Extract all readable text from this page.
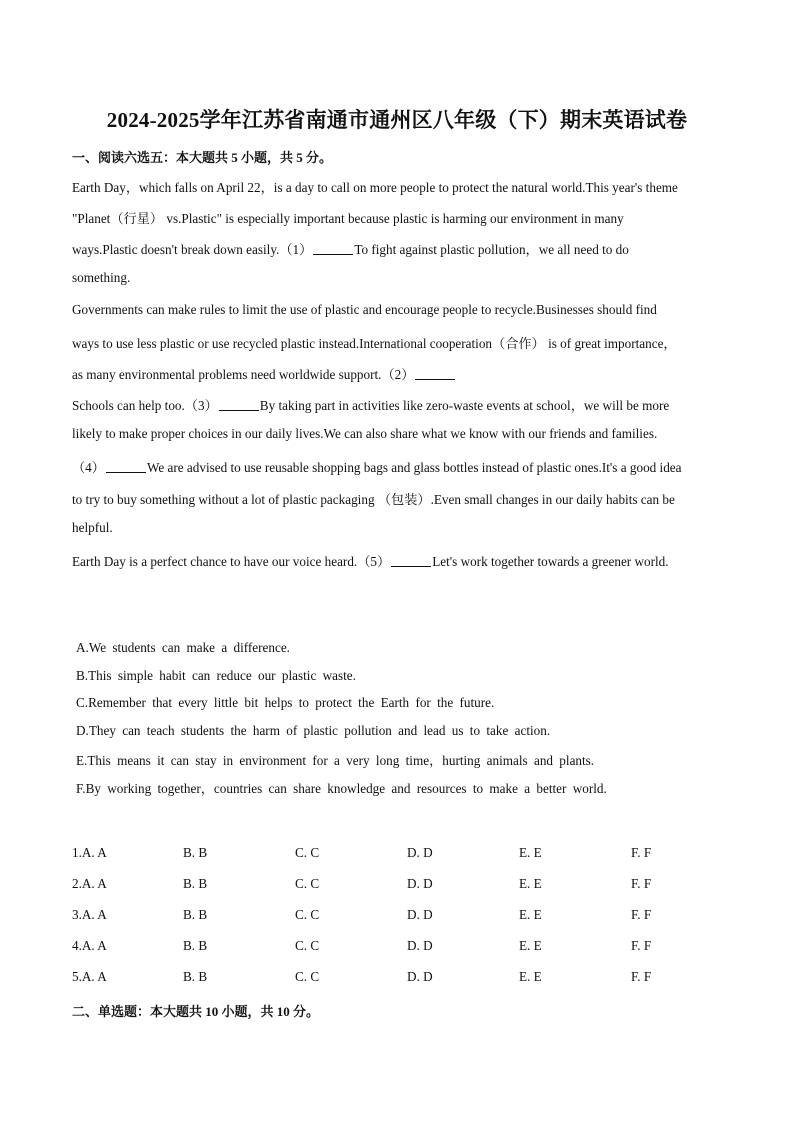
2024-2025学年江苏省南通市通州区八年级（下）期末英语试卷
一、阅读六选五：本大题共 5 小题，共 5 分。
Earth Day，which falls on April 22，is a day to call on more people to protect the natural world.This year's theme
"Planet（行星） vs.Plastic" is especially important because plastic is harming our environment in many
ways.Plastic doesn't break down easily.（1）	To fight against plastic pollution，we all need to do
something.
Governments can make rules to limit the use of plastic and encourage people to recycle.Businesses should find
ways to use less plastic or use recycled plastic instead.International cooperation（合作） is of great importance，
as many environmental problems need worldwide support.（2）
Schools can help too.（3）	By taking part in activities like zero-waste events at school，we will be more
likely to make proper choices in our daily lives.We can also share what we know with our friends and families.
（4）	We are advised to use reusable shopping bags and glass bottles instead of plastic ones.It's a good idea
to try to buy something without a lot of plastic packaging （包装）.Even small changes in our daily habits can be
helpful.
Earth Day is a perfect chance to have our voice heard.（5）	Let's work together towards a greener world.
A.We students can make a difference.
B.This simple habit can reduce our plastic waste.
C.Remember that every little bit helps to protect the Earth for the future.
D.They can teach students the harm of plastic pollution and lead us to take action.
E.This means it can stay in environment for a very long time，hurting animals and plants.
F.By working together，countries can share knowledge and resources to make a better world.
1.A. A	B. B	C. C	D. D	E. E	F. F
2.A. A	B. B	C. C	D. D	E. E	F. F
3.A. A	B. B	C. C	D. D	E. E	F. F
4.A. A	B. B	C. C	D. D	E. E	F. F
5.A. A	B. B	C. C	D. D	E. E	F. F
二、单选题：本大题共 10 小题，共 10 分。
